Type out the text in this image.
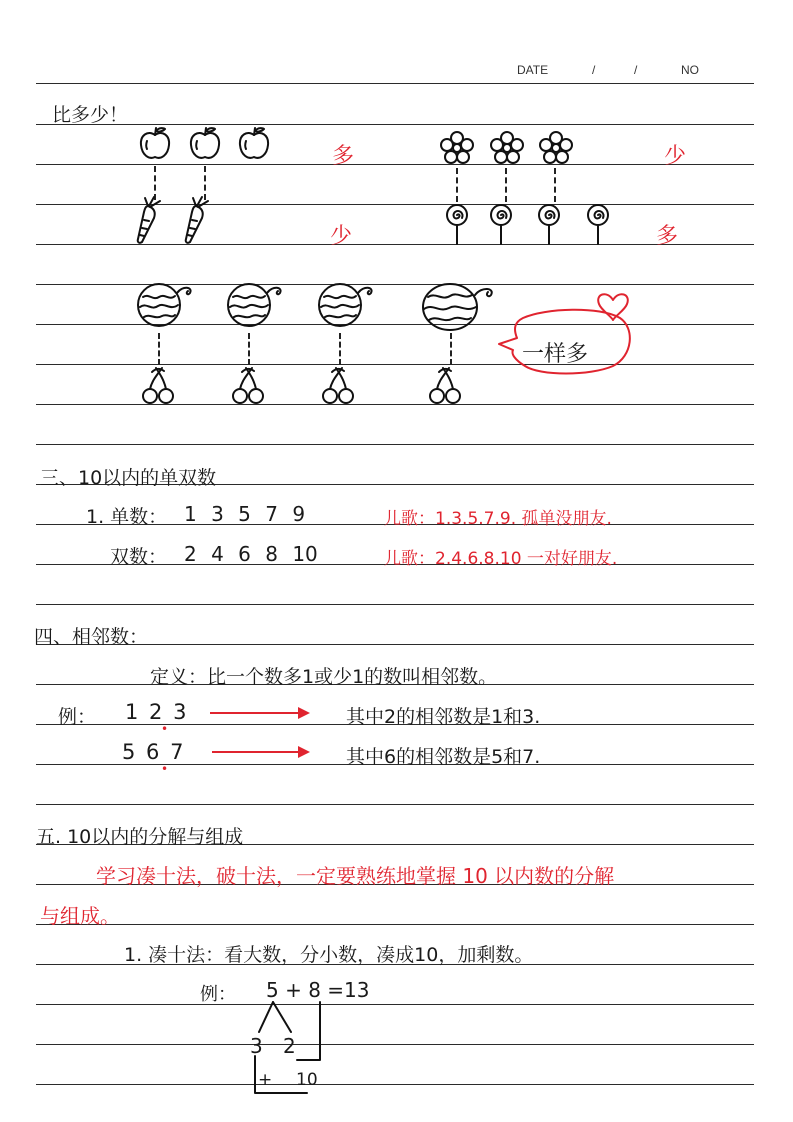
DATE	/	/	NO
比多少！
多
少
少
多
一样多
三、10以内的单双数
1. 单数： 1 3 5 7 9	儿歌：1.3.5.7.9. 孤单没朋友.
双数： 2 4 6 8 10	儿歌：2.4.6.8.10 一对好朋友.
四、相邻数：
定义：比一个数多1或少1的数叫相邻数。
例： 1 2 3	其中2的相邻数是1和3.
5 6 7	其中6的相邻数是5和7.
•
•
五. 10以内的分解与组成
学习凑十法，破十法，一定要熟练地掌握 10 以内数的分解
与组成。
1. 凑十法：看大数，分小数，凑成10，加剩数。
例： 5 + 8 =13
3 2
+ 10
